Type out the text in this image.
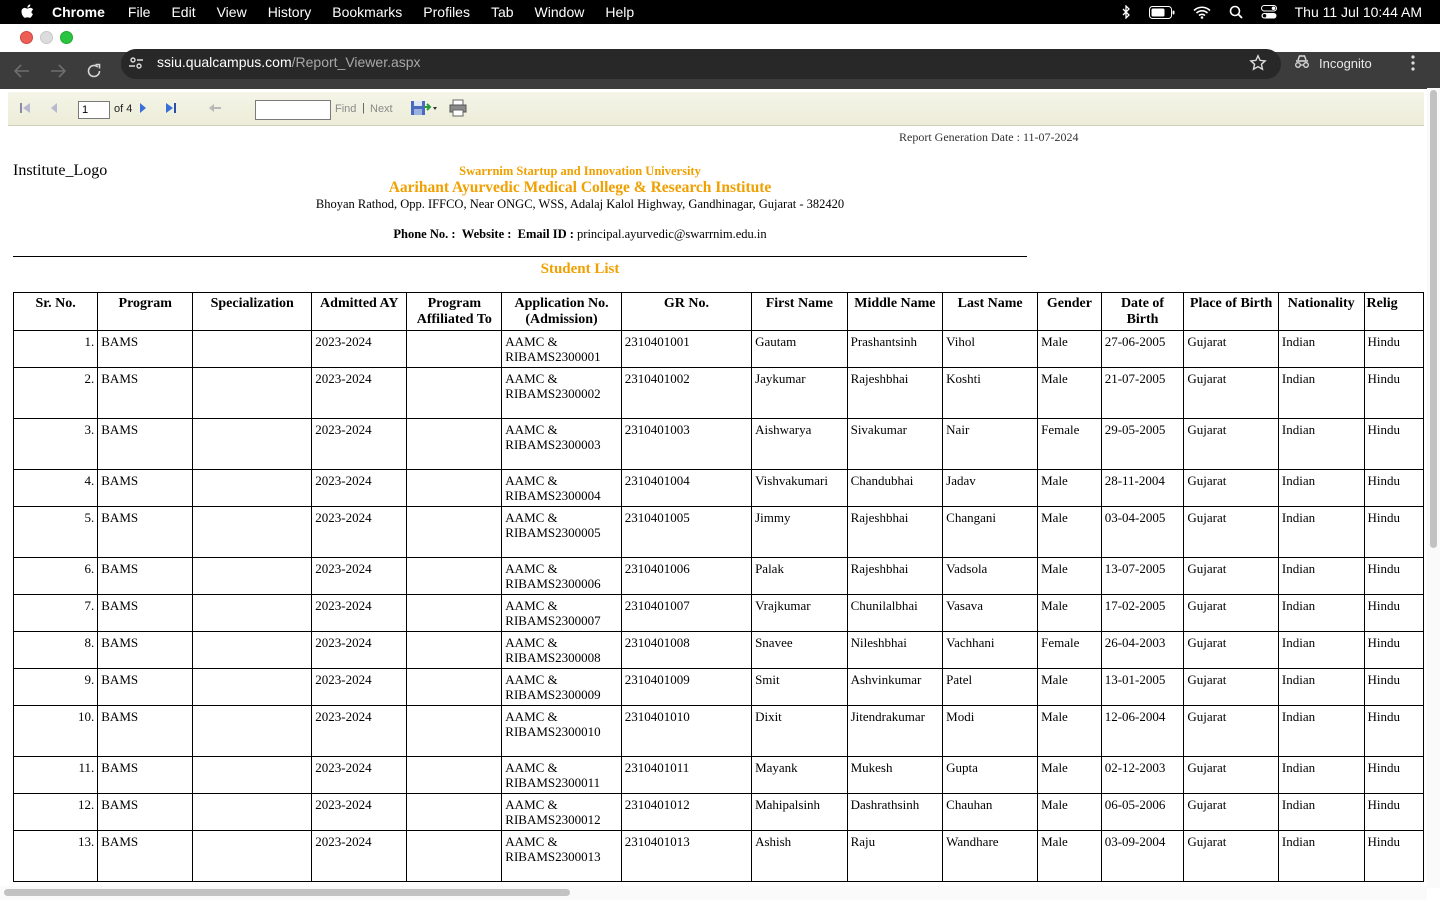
Chrome File Edit View History Bookmarks Profiles Tab Window Help	Thu 11 Jul 10:44 AM
ssiu.qualcampus.com/Report_Viewer.aspx	Incognito
1
of 4	Find | Next
Report Generation Date : 11-07-2024
Institute_Logo	Swarrnim Startup and Innovation University
Aarihant Ayurvedic Medical College & Research Institute
Bhoyan Rathod, Opp. IFFCO, Near ONGC, WSS, Adalaj Kalol Highway, Gandhinagar, Gujarat - 382420
Phone No. : Website : Email ID : principal.ayurvedic@swarrnim.edu.in
Student List
Sr. No.	Program	Specialization	Admitted AY	Program Affiliated To	Application No. (Admission)	GR No.	First Name	Middle Name	Last Name	Gender	Date of Birth	Place of Birth	Nationality	Relig
1.	BAMS		2023-2024		AAMC &
RIBAMS2300001	2310401001	Gautam	Prashantsinh	Vihol	Male	27-06-2005	Gujarat	Indian	Hindu
2.	BAMS		2023-2024		AAMC &
RIBAMS2300002	2310401002	Jaykumar	Rajeshbhai	Koshti	Male	21-07-2005	Gujarat	Indian	Hindu
3.	BAMS		2023-2024		AAMC &
RIBAMS2300003	2310401003	Aishwarya	Sivakumar	Nair	Female	29-05-2005	Gujarat	Indian	Hindu
4.	BAMS		2023-2024		AAMC &
RIBAMS2300004	2310401004	Vishvakumari	Chandubhai	Jadav	Male	28-11-2004	Gujarat	Indian	Hindu
5.	BAMS		2023-2024		AAMC &
RIBAMS2300005	2310401005	Jimmy	Rajeshbhai	Changani	Male	03-04-2005	Gujarat	Indian	Hindu
6.	BAMS		2023-2024		AAMC &
RIBAMS2300006	2310401006	Palak	Rajeshbhai	Vadsola	Male	13-07-2005	Gujarat	Indian	Hindu
7.	BAMS		2023-2024		AAMC &
RIBAMS2300007	2310401007	Vrajkumar	Chunilalbhai	Vasava	Male	17-02-2005	Gujarat	Indian	Hindu
8.	BAMS		2023-2024		AAMC &
RIBAMS2300008	2310401008	Snavee	Nileshbhai	Vachhani	Female	26-04-2003	Gujarat	Indian	Hindu
9.	BAMS		2023-2024		AAMC &
RIBAMS2300009	2310401009	Smit	Ashvinkumar	Patel	Male	13-01-2005	Gujarat	Indian	Hindu
10.	BAMS		2023-2024		AAMC &
RIBAMS2300010	2310401010	Dixit	Jitendrakumar	Modi	Male	12-06-2004	Gujarat	Indian	Hindu
11.	BAMS		2023-2024		AAMC &
RIBAMS2300011	2310401011	Mayank	Mukesh	Gupta	Male	02-12-2003	Gujarat	Indian	Hindu
12.	BAMS		2023-2024		AAMC &
RIBAMS2300012	2310401012	Mahipalsinh	Dashrathsinh	Chauhan	Male	06-05-2006	Gujarat	Indian	Hindu
13.	BAMS		2023-2024		AAMC &
RIBAMS2300013	2310401013	Ashish	Raju	Wandhare	Male	03-09-2004	Gujarat	Indian	Hindu
